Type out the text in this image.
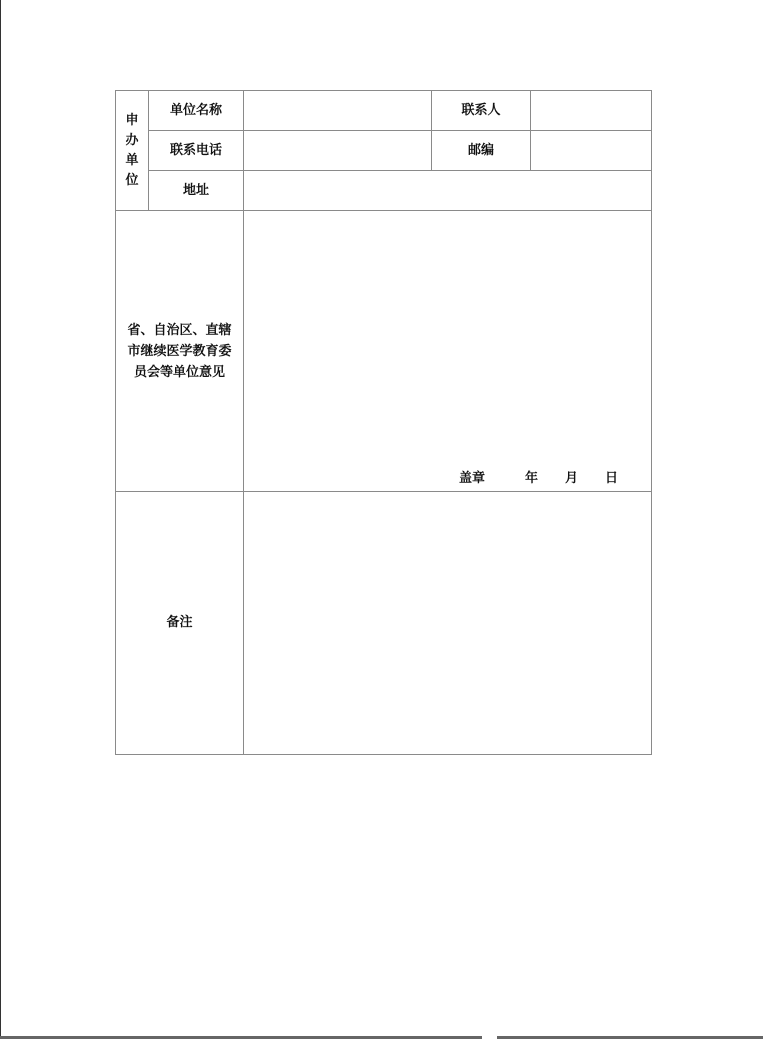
申办单位	单位名称		联系人	
	联系电话		邮编	
	地址			

省、自治区、直辖市继续医学教育委员会等单位意见		盖章 年 月 日		

备注				
